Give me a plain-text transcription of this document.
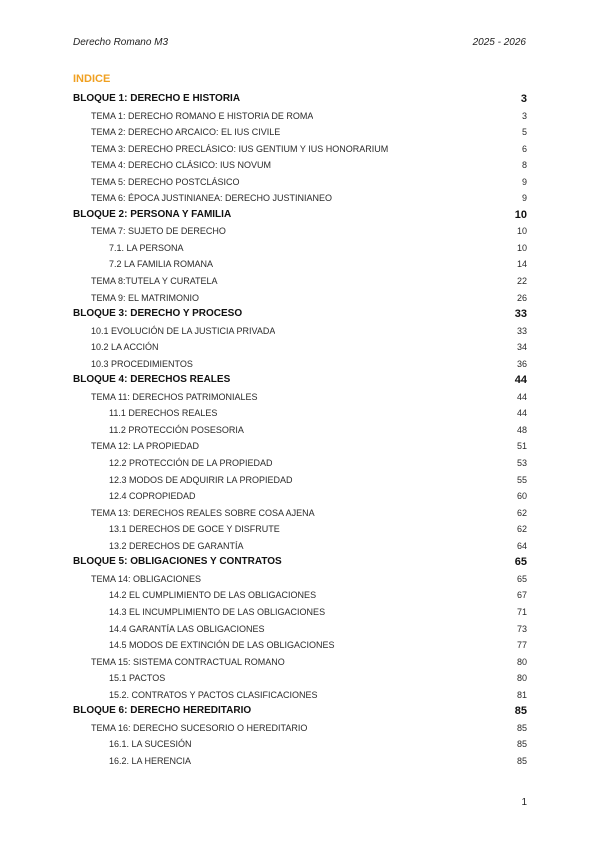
Derecho Romano M3	2025 - 2026
INDICE
BLOQUE 1: DERECHO E HISTORIA	3
TEMA 1: DERECHO ROMANO E HISTORIA DE ROMA	3
TEMA 2: DERECHO ARCAICO: EL IUS CIVILE	5
TEMA 3: DERECHO PRECLÁSICO: IUS GENTIUM Y IUS HONORARIUM	6
TEMA 4: DERECHO CLÁSICO: IUS NOVUM	8
TEMA 5: DERECHO POSTCLÁSICO	9
TEMA 6: ÉPOCA JUSTINIANEA: DERECHO JUSTINIANEO	9
BLOQUE 2: PERSONA Y FAMILIA	10
TEMA 7: SUJETO DE DERECHO	10
7.1. LA PERSONA	10
7.2 LA FAMILIA ROMANA	14
TEMA 8:TUTELA Y CURATELA	22
TEMA 9: EL MATRIMONIO	26
BLOQUE 3: DERECHO Y PROCESO	33
10.1 EVOLUCIÓN DE LA JUSTICIA PRIVADA	33
10.2 LA ACCIÓN	34
10.3 PROCEDIMIENTOS	36
BLOQUE 4: DERECHOS REALES	44
TEMA 11: DERECHOS PATRIMONIALES	44
11.1 DERECHOS REALES	44
11.2 PROTECCIÓN POSESORIA	48
TEMA 12: LA PROPIEDAD	51
12.2 PROTECCIÓN DE LA PROPIEDAD	53
12.3 MODOS DE ADQUIRIR LA PROPIEDAD	55
12.4 COPROPIEDAD	60
TEMA 13: DERECHOS REALES SOBRE COSA AJENA	62
13.1 DERECHOS DE GOCE Y DISFRUTE	62
13.2 DERECHOS DE GARANTÍA	64
BLOQUE 5: OBLIGACIONES Y CONTRATOS	65
TEMA 14: OBLIGACIONES	65
14.2 EL CUMPLIMIENTO DE LAS OBLIGACIONES	67
14.3 EL INCUMPLIMIENTO DE LAS OBLIGACIONES	71
14.4 GARANTÍA LAS OBLIGACIONES	73
14.5 MODOS DE EXTINCIÓN DE LAS OBLIGACIONES	77
TEMA 15: SISTEMA CONTRACTUAL ROMANO	80
15.1 PACTOS	80
15.2. CONTRATOS Y PACTOS CLASIFICACIONES	81
BLOQUE 6: DERECHO HEREDITARIO	85
TEMA 16: DERECHO SUCESORIO O HEREDITARIO	85
16.1. LA SUCESIÓN	85
16.2. LA HERENCIA	85
1
